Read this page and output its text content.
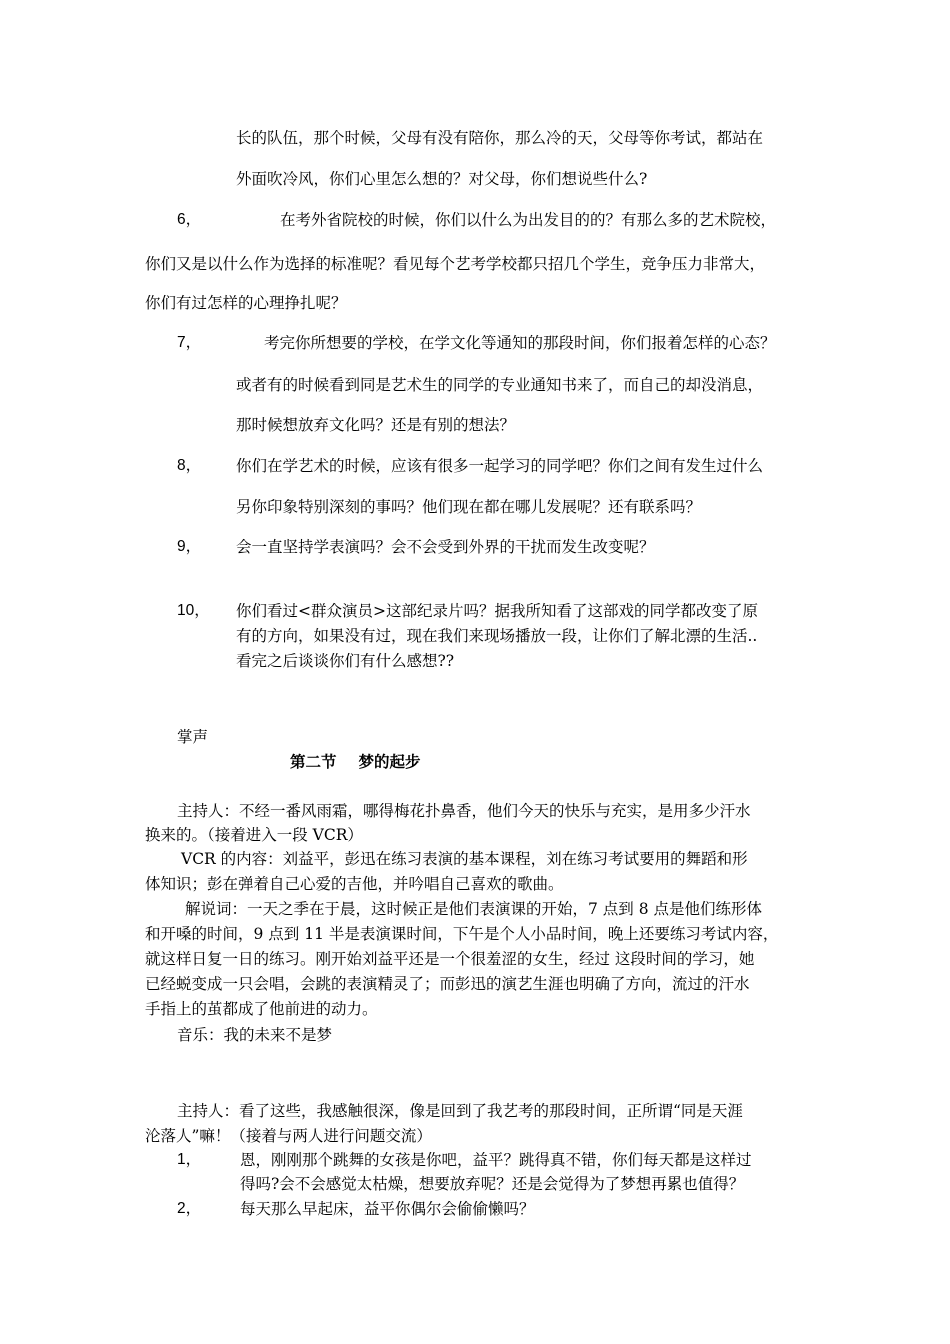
长的队伍，那个时候，父母有没有陪你，那么冷的天，父母等你考试，都站在
外面吹冷风，你们心里怎么想的？对父母，你们想说些什么?
6，	在考外省院校的时候，你们以什么为出发目的的？有那么多的艺术院校，
你们又是以什么作为选择的标准呢？看见每个艺考学校都只招几个学生，竞争压力非常大，
你们有过怎样的心理挣扎呢？
7，	考完你所想要的学校，在学文化等通知的那段时间，你们报着怎样的心态？
或者有的时候看到同是艺术生的同学的专业通知书来了，而自己的却没消息，
那时候想放弃文化吗？还是有别的想法？
8， 你们在学艺术的时候，应该有很多一起学习的同学吧？你们之间有发生过什么
另你印象特别深刻的事吗？他们现在都在哪儿发展呢？还有联系吗？
9， 会一直坚持学表演吗？会不会受到外界的干扰而发生改变呢？
10， 你们看过<群众演员>这部纪录片吗？据我所知看了这部戏的同学都改变了原
有的方向，如果没有过，现在我们来现场播放一段，让你们了解北漂的生活..
看完之后谈谈你们有什么感想??
掌声
第二节 梦的起步
主持人：不经一番风雨霜，哪得梅花扑鼻香，他们今天的快乐与充实，是用多少汗水
换来的。（接着进入一段 VCR）
VCR 的内容：刘益平，彭迅在练习表演的基本课程，刘在练习考试要用的舞蹈和形
体知识；彭在弹着自己心爱的吉他，并吟唱自己喜欢的歌曲。
解说词：一天之季在于晨，这时候正是他们表演课的开始，7 点到 8 点是他们练形体
和开嗓的时间，9 点到 11 半是表演课时间，下午是个人小品时间，晚上还要练习考试内容，
就这样日复一日的练习。刚开始刘益平还是一个很羞涩的女生，经过 这段时间的学习，她
已经蜕变成一只会唱，会跳的表演精灵了；而彭迅的演艺生涯也明确了方向，流过的汗水
手指上的茧都成了他前进的动力。
音乐：我的未来不是梦
主持人：看了这些，我感触很深，像是回到了我艺考的那段时间，正所谓“同是天涯
沦落人”嘛！（接着与两人进行问题交流）
1，	恩，刚刚那个跳舞的女孩是你吧，益平？跳得真不错，你们每天都是这样过
得吗?会不会感觉太枯燥，想要放弃呢？还是会觉得为了梦想再累也值得？
2，	每天那么早起床，益平你偶尔会偷偷懒吗？
